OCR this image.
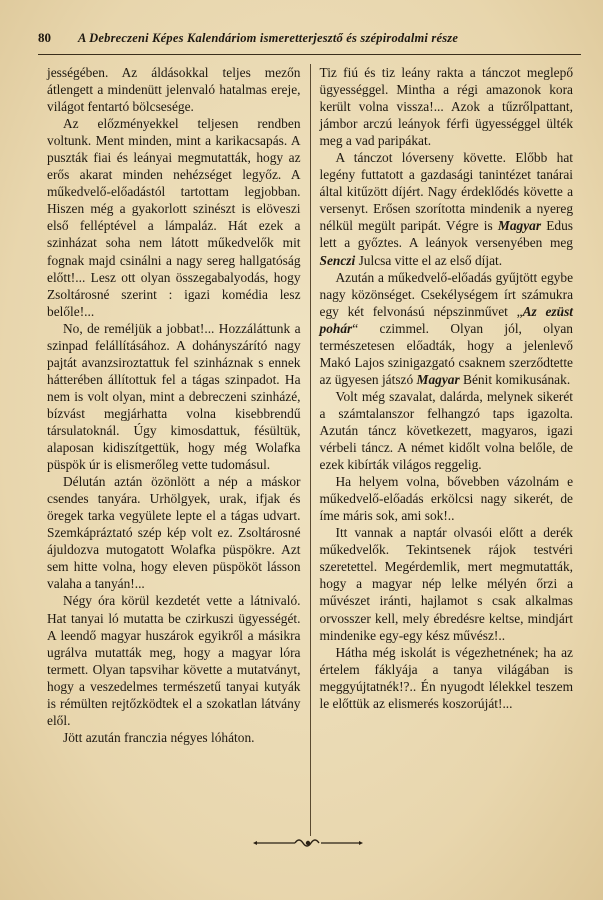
80	A Debreczeni Képes Kalendáriom ismeretterjesztő és szépirodalmi része

jességében. Az áldásokkal teljes mezőn átlengett a mindenütt jelenvaló hatalmas ereje, világot fentartó bölcsesége.

Az előzményekkel teljesen rendben voltunk. Ment minden, mint a karikacsapás. A puszták fiai és leányai megmutatták, hogy az erős akarat minden nehézséget legyőz. A műkedvelő-előadástól tartottam legjobban. Hiszen még a gyakorlott szinészt is elöveszi első felléptével a lámpaláz. Hát ezek a szinházat soha nem látott műkedvelők mit fognak majd csinálni a nagy sereg hallgatóság előtt!... Lesz ott olyan összegabalyodás, hogy Zsoltárosné szerint : igazi komédia lesz belőle!...

No, de reméljük a jobbat!... Hozzáláttunk a szinpad felállításához. A dohányszárító nagy pajtát avanzsiroztattuk fel szinháznak s ennek hátterében állítottuk fel a tágas szinpadot. Ha nem is volt olyan, mint a debreczeni szinházé, bízvást megjárhatta volna kisebbrendű társulatoknál. Úgy kimosdattuk, fésültük, alaposan kidiszítgettük, hogy még Wolafka püspök úr is elismerőleg vette tudomásul.

Délután aztán özönlött a nép a máskor csendes tanyára. Urhölgyek, urak, ifjak és öregek tarka vegyülete lepte el a tágas udvart. Szemkápráztató szép kép volt ez. Zsoltárosné ájuldozva mutogatott Wolafka püspökre. Azt sem hitte volna, hogy eleven püspököt lásson valaha a tanyán!...

Négy óra körül kezdetét vette a látnivaló. Hat tanyai ló mutatta be czirkuszi ügyességét. A leendő magyar huszárok egyikről a másikra ugrálva mutatták meg, hogy a magyar lóra termett. Olyan tapsvihar követte a mutatványt, hogy a veszedelmes természetű tanyai kutyák is rémülten rejtőzködtek el a szokatlan látvány elől.

Jött azután franczia négyes lóháton.

Tiz fiú és tiz leány rakta a tánczot meglepő ügyességgel. Mintha a régi amazonok kora került volna vissza!... Azok a tűzrőlpattant, jámbor arczú leányok férfi ügyességgel ülték meg a vad paripákat.

A tánczot lóverseny követte. Előbb hat legény futtatott a gazdasági tanintézet tanárai által kitűzött díjért. Nagy érdeklődés követte a versenyt. Erősen szorította mindenik a nyereg nélkül megült paripát. Végre is Magyar Edus lett a győztes. A leányok versenyében meg Senczi Julcsa vitte el az első díjat.

Azután a műkedvelő-előadás gyűjtött egybe nagy közönséget. Csekélységem írt számukra egy két felvonású népszinművet „Az ezüst pohár“ czimmel. Olyan jól, olyan természetesen előadták, hogy a jelenlevő Makó Lajos szinigazgató csaknem szerződtette az ügyesen játszó Magyar Bénit komikusának.

Volt még szavalat, dalárda, melynek sikerét a számtalanszor felhangzó taps igazolta. Azután táncz következett, magyaros, igazi vérbeli táncz. A német kidőlt volna belőle, de ezek kibírták világos reggelig.

Ha helyem volna, bővebben vázolnám e műkedvelő-előadás erkölcsi nagy sikerét, de íme máris sok, ami sok!..

Itt vannak a naptár olvasói előtt a derék műkedvelők. Tekintsenek rájok testvéri szeretettel. Megérdemlik, mert megmutatták, hogy a magyar nép lelke mélyén őrzi a művészet iránti, hajlamot s csak alkalmas orvosszer kell, mely ébredésre keltse, mindjárt mindenike egy-egy kész művész!..

Hátha még iskolát is végezhetnének; ha az értelem fáklyája a tanya világában is meggyújtatnék!?.. Én nyugodt lélekkel teszem le előttük az elismerés koszorúját!...
